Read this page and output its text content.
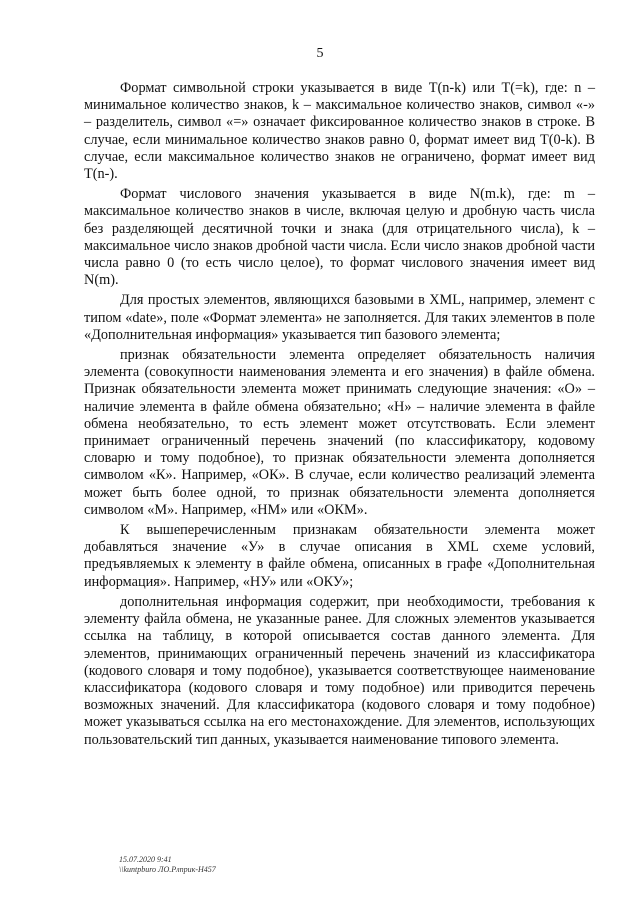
5

Формат символьной строки указывается в виде T(n-k) или T(=k), где: n – минимальное количество знаков, k – максимальное количество знаков, символ «-» – разделитель, символ «=» означает фиксированное количество знаков в строке. В случае, если минимальное количество знаков равно 0, формат имеет вид T(0-k). В случае, если максимальное количество знаков не ограничено, формат имеет вид T(n-).

Формат числового значения указывается в виде N(m.k), где: m – максимальное количество знаков в числе, включая целую и дробную часть числа без разделяющей десятичной точки и знака (для отрицательного числа), k – максимальное число знаков дробной части числа. Если число знаков дробной части числа равно 0 (то есть число целое), то формат числового значения имеет вид N(m).

Для простых элементов, являющихся базовыми в XML, например, элемент с типом «date», поле «Формат элемента» не заполняется. Для таких элементов в поле «Дополнительная информация» указывается тип базового элемента;

признак обязательности элемента определяет обязательность наличия элемента (совокупности наименования элемента и его значения) в файле обмена. Признак обязательности элемента может принимать следующие значения: «О» – наличие элемента в файле обмена обязательно; «Н» – наличие элемента в файле обмена необязательно, то есть элемент может отсутствовать. Если элемент принимает ограниченный перечень значений (по классификатору, кодовому словарю и тому подобное), то признак обязательности элемента дополняется символом «К». Например, «ОК». В случае, если количество реализаций элемента может быть более одной, то признак обязательности элемента дополняется символом «М». Например, «НМ» или «ОКМ».

К вышеперечисленным признакам обязательности элемента может добавляться значение «У» в случае описания в XML схеме условий, предъявляемых к элементу в файле обмена, описанных в графе «Дополнительная информация». Например, «НУ» или «ОКУ»;

дополнительная информация содержит, при необходимости, требования к элементу файла обмена, не указанные ранее. Для сложных элементов указывается ссылка на таблицу, в которой описывается состав данного элемента. Для элементов, принимающих ограниченный перечень значений из классификатора (кодового словаря и тому подобное), указывается соответствующее наименование классификатора (кодового словаря и тому подобное) или приводится перечень возможных значений. Для классификатора (кодового словаря и тому подобное) может указываться ссылка на его местонахождение. Для элементов, использующих пользовательский тип данных, указывается наименование типового элемента.

15.07.2020 9:41
\\kuntpburo ЛО.Рлприк-Н457
